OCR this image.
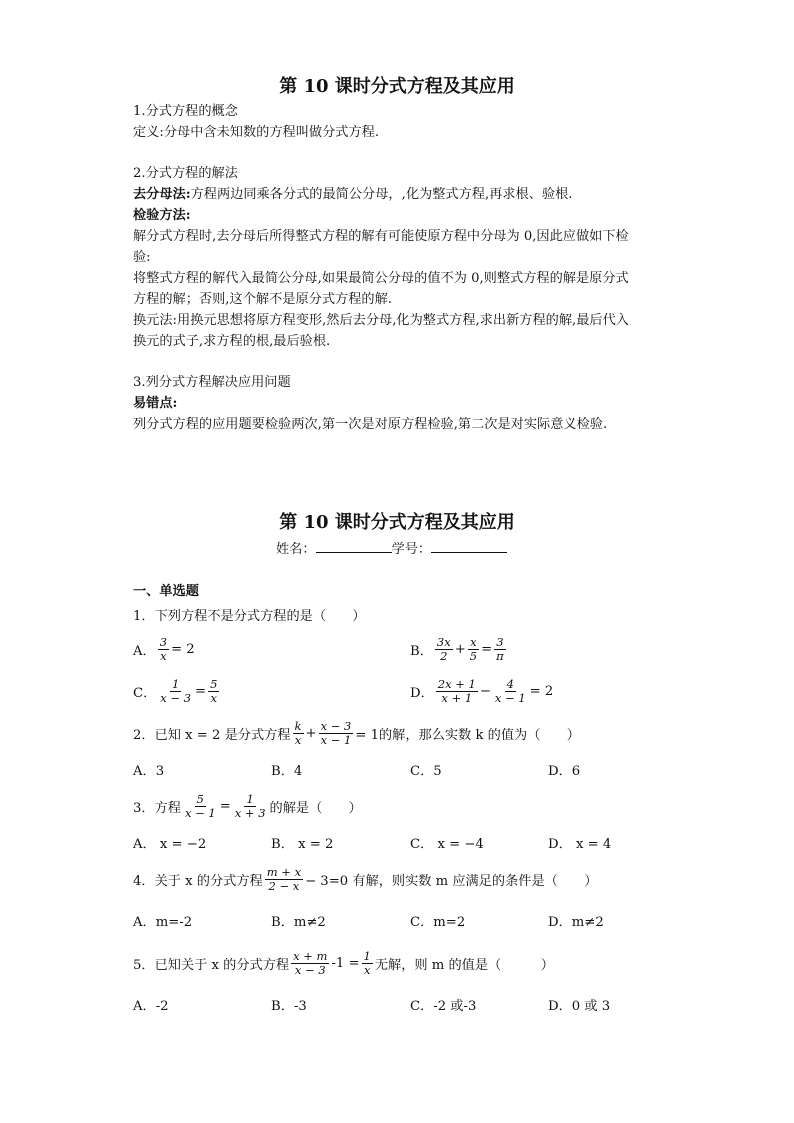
第 10 课时分式方程及其应用
1.分式方程的概念
定义:分母中含未知数的方程叫做分式方程.
2.分式方程的解法
去分母法:方程两边同乘各分式的最简公分母，,化为整式方程,再求根、验根.
检验方法:
解分式方程时,去分母后所得整式方程的解有可能使原方程中分母为 0,因此应做如下检
验:
将整式方程的解代入最简公分母,如果最简公分母的值不为 0,则整式方程的解是原分式
方程的解；否则,这个解不是原分式方程的解.
换元法:用换元思想将原方程变形,然后去分母,化为整式方程,求出新方程的解,最后代入
换元的式子,求方程的根,最后验根.
3.列分式方程解决应用问题
易错点:
列分式方程的应用题要检验两次,第一次是对原方程检验,第二次是对实际意义检验.
第 10 课时分式方程及其应用
姓名：	学号：
一、单选题
1．下列方程不是分式方程的是（　　）
A． $\frac{3}{x} = 2$	B． $\frac{3x}{2} + \frac{x}{5} = \frac{3}{\pi}$
C． $\frac{1}{x - 3} = \frac{5}{x}$	D． $\frac{2x + 1}{x + 1} - \frac{4}{x - 1} = 2$
2．已知 x = 2 是分式方程 $\frac{k}{x} + \frac{x - 3}{x - 1} = 1$的解，那么实数 k 的值为（　　）
A．3	B．4	C．5	D．6
3．方程 $\frac{5}{x - 1} = \frac{1}{x + 3}$ 的解是（　　）
A． x = −2	B． x = 2	C． x = −4	D． x = 4
4．关于 x 的分式方程 $\frac{m + x}{2 - x} - 3=0$ 有解，则实数 m 应满足的条件是（　　）
A．m=-2	B．m≠2	C．m=2	D．m≠2
5．已知关于 x 的分式方程 $\frac{x + m}{x - 3} -1 = \frac{1}{x}$ 无解，则 m 的值是（　　　）
A．-2	B．-3	C．-2 或-3	D．0 或 3
